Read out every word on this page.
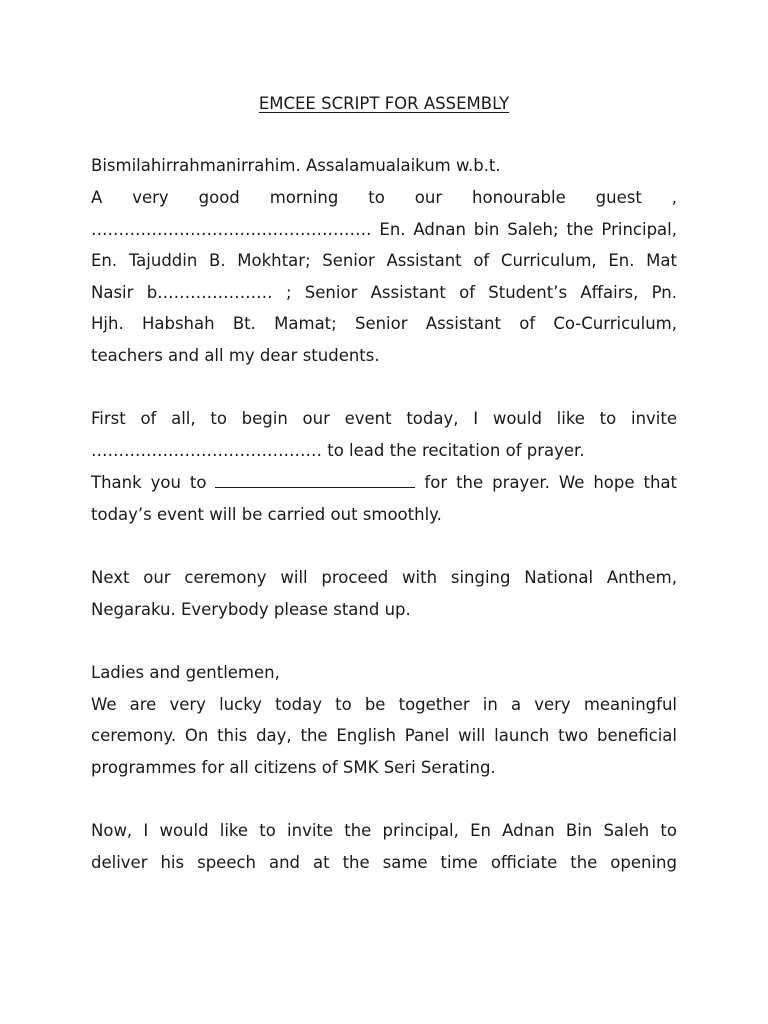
EMCEE SCRIPT FOR ASSEMBLY
Bismilahirrahmanirrahim. Assalamualaikum w.b.t.
A very good morning to our honourable guest ,
…………………………………………… En. Adnan bin Saleh; the Principal,
En. Tajuddin B. Mokhtar; Senior Assistant of Curriculum, En. Mat
Nasir b………………… ; Senior Assistant of Student’s Affairs, Pn.
Hjh. Habshah Bt. Mamat; Senior Assistant of Co-Curriculum,
teachers and all my dear students.
First of all, to begin our event today, I would like to invite
…………………………………… to lead the recitation of prayer.
Thank you to	for the prayer. We hope that
today’s event will be carried out smoothly.
Next our ceremony will proceed with singing National Anthem,
Negaraku. Everybody please stand up.
Ladies and gentlemen,
We are very lucky today to be together in a very meaningful
ceremony. On this day, the English Panel will launch two beneficial
programmes for all citizens of SMK Seri Serating.
Now, I would like to invite the principal, En Adnan Bin Saleh to
deliver his speech and at the same time officiate the opening
